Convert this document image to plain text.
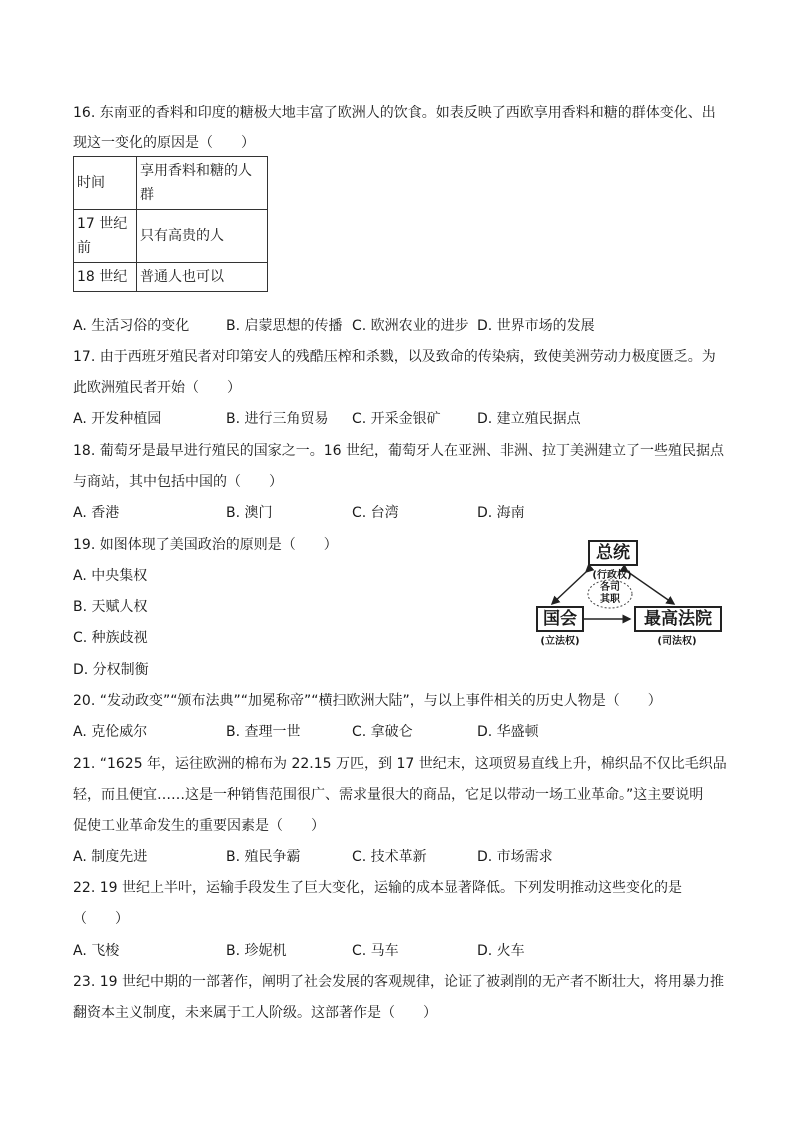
16. 东南亚的香料和印度的糖极大地丰富了欧洲人的饮食。如表反映了西欧享用香料和糖的群体变化、出
现这一变化的原因是（　　）
时间	享用香料和糖的人群

17 世纪
前	只有高贵的人
18 世纪	普通人也可以
A. 生活习俗的变化	B. 启蒙思想的传播 C. 欧洲农业的进步 D. 世界市场的发展
17. 由于西班牙殖民者对印第安人的残酷压榨和杀戮，以及致命的传染病，致使美洲劳动力极度匮乏。为
此欧洲殖民者开始（　　）
A. 开发种植园	B. 进行三角贸易 C. 开采金银矿	D. 建立殖民据点
18. 葡萄牙是最早进行殖民的国家之一。16 世纪，葡萄牙人在亚洲、非洲、拉丁美洲建立了一些殖民据点
与商站，其中包括中国的（　　）
A. 香港	B. 澳门	C. 台湾	D. 海南
19. 如图体现了美国政治的原则是（　　）
A. 中央集权
B. 天赋人权
C. 种族歧视
D. 分权制衡
总统
(行政权)
各司
其职
国会
(立法权)
最高法院
(司法权)
20. “发动政变”“颁布法典”“加冕称帝”“横扫欧洲大陆”，与以上事件相关的历史人物是（　　）
A. 克伦威尔	B. 查理一世	C. 拿破仑	D. 华盛顿
21. “1625 年，运往欧洲的棉布为 22.15 万匹，到 17 世纪末，这项贸易直线上升，棉织品不仅比毛织品
轻，而且便宜……这是一种销售范围很广、需求量很大的商品，它足以带动一场工业革命。”这主要说明
促使工业革命发生的重要因素是（　　）
A. 制度先进	B. 殖民争霸	C. 技术革新	D. 市场需求
22. 19 世纪上半叶，运输手段发生了巨大变化，运输的成本显著降低。下列发明推动这些变化的是
（　　）
A. 飞梭	B. 珍妮机	C. 马车	D. 火车
23. 19 世纪中期的一部著作，阐明了社会发展的客观规律，论证了被剥削的无产者不断壮大，将用暴力推
翻资本主义制度，未来属于工人阶级。这部著作是（　　）
